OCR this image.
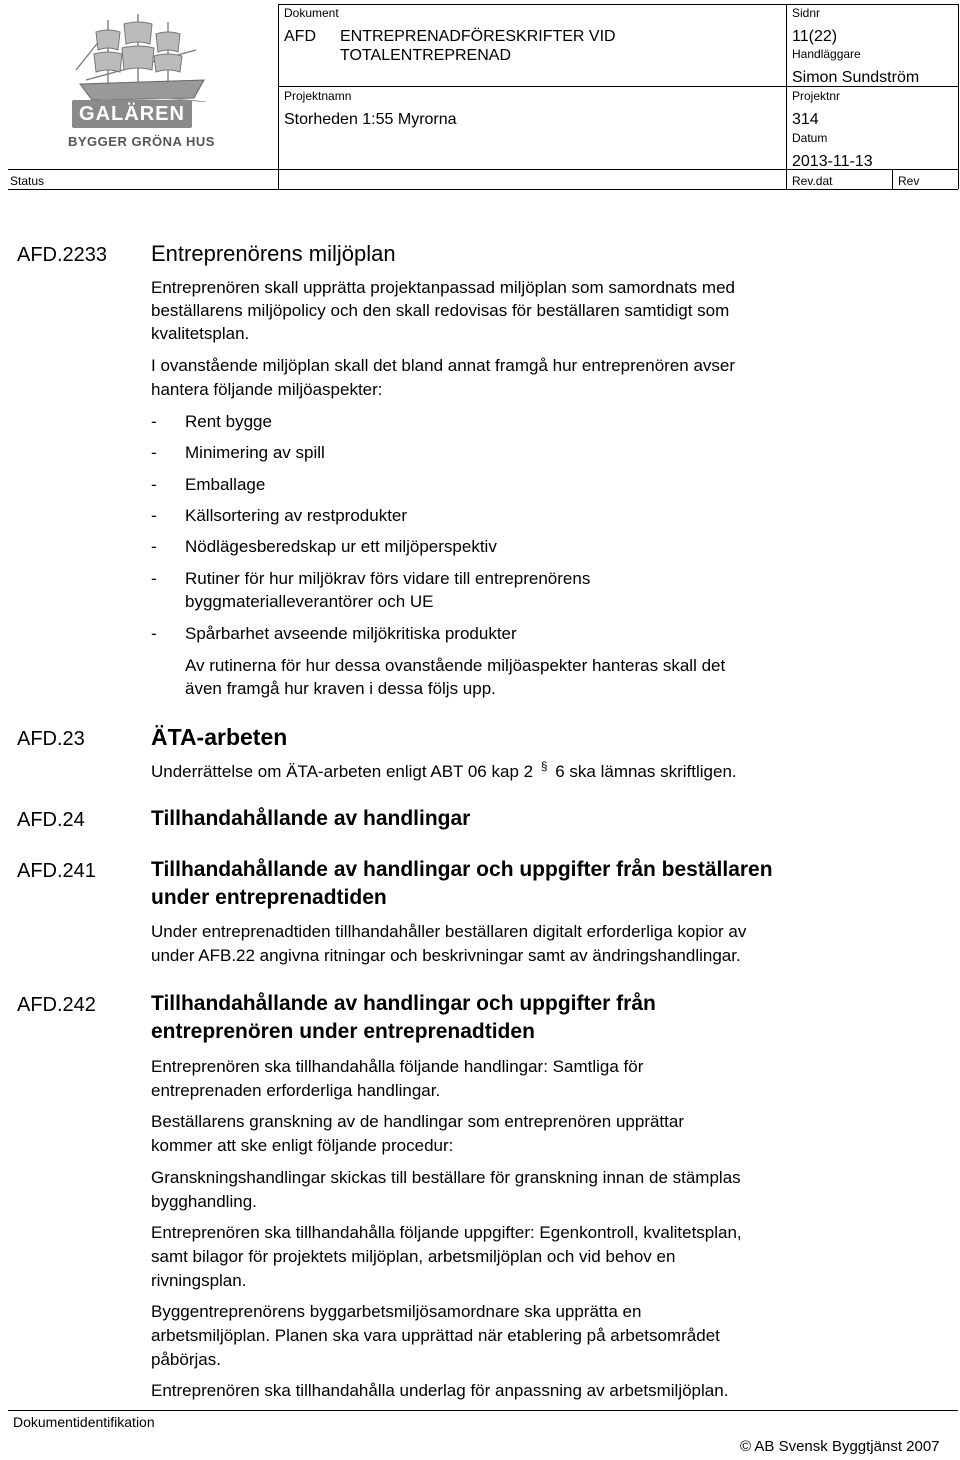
GALÄREN
BYGGER GRÖNA HUS
Dokument
AFD ENTREPRENADFÖRESKRIFTER VID
TOTALENTREPRENAD
Sidnr
11(22)
Handläggare
Simon Sundström
Projektnamn
Storheden 1:55 Myrorna
Projektnr
314
Datum
2013-11-13
Status	Rev.dat	Rev
AFD.2233 Entreprenörens miljöplan
Entreprenören skall upprätta projektanpassad miljöplan som samordnats med
beställarens miljöpolicy och den skall redovisas för beställaren samtidigt som
kvalitetsplan.
I ovanstående miljöplan skall det bland annat framgå hur entreprenören avser
hantera följande miljöaspekter:
- Rent bygge
- Minimering av spill
- Emballage
- Källsortering av restprodukter
- Nödlägesberedskap ur ett miljöperspektiv
- Rutiner för hur miljökrav förs vidare till entreprenörens
byggmaterialleverantörer och UE
- Spårbarhet avseende miljökritiska produkter
Av rutinerna för hur dessa ovanstående miljöaspekter hanteras skall det
även framgå hur kraven i dessa följs upp.
AFD.23	ÄTA-arbeten
Underrättelse om ÄTA-arbeten enligt ABT 06 kap 2 § 6 ska lämnas skriftligen.
AFD.24	Tillhandahållande av handlingar
AFD.241	Tillhandahållande av handlingar och uppgifter från beställaren
under entreprenadtiden
Under entreprenadtiden tillhandahåller beställaren digitalt erforderliga kopior av
under AFB.22 angivna ritningar och beskrivningar samt av ändringshandlingar.
AFD.242	Tillhandahållande av handlingar och uppgifter från
entreprenören under entreprenadtiden
Entreprenören ska tillhandahålla följande handlingar: Samtliga för
entreprenaden erforderliga handlingar.
Beställarens granskning av de handlingar som entreprenören upprättar
kommer att ske enligt följande procedur:
Granskningshandlingar skickas till beställare för granskning innan de stämplas
bygghandling.
Entreprenören ska tillhandahålla följande uppgifter: Egenkontroll, kvalitetsplan,
samt bilagor för projektets miljöplan, arbetsmiljöplan och vid behov en
rivningsplan.
Byggentreprenörens byggarbetsmiljösamordnare ska upprätta en
arbetsmiljöplan. Planen ska vara upprättad när etablering på arbetsområdet
påbörjas.
Entreprenören ska tillhandahålla underlag för anpassning av arbetsmiljöplan.
Dokumentidentifikation
© AB Svensk Byggtjänst 2007
